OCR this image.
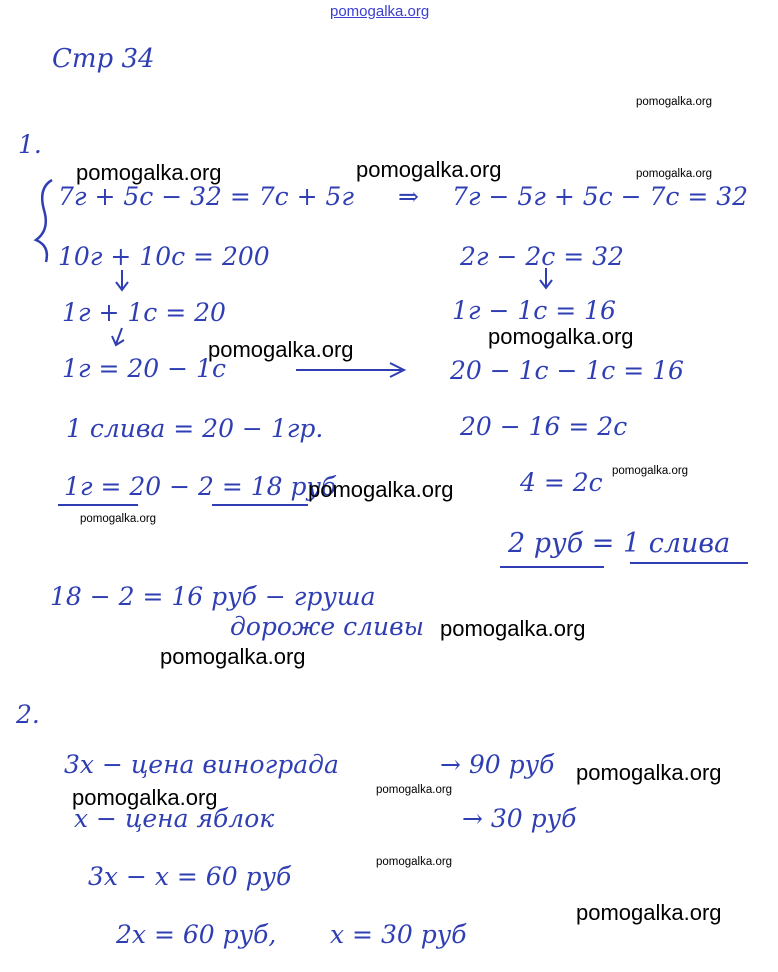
pomogalka.org
Стр 34
1.
7г + 5с − 32 = 7с + 5г ⇒ 7г − 5г + 5с − 7с = 32
10г + 10с = 200	2г − 2с = 32
1г + 1с = 20	1г − 1с = 16
1г = 20 − 1с	20 − 1с − 1с = 16
1 слива = 20 − 1гр.	20 − 16 = 2с
1г = 20 − 2 = 18 руб	4 = 2с
2 руб = 1 слива
18 − 2 = 16 руб − груша
дороже сливы
2.
3х − цена винограда	→ 90 руб
х − цена яблок	→ 30 руб
3х − х = 60 руб
2х = 60 руб, х = 30 руб
pomogalka.org
pomogalka.org	pomogalka.org	pomogalka.org
pomogalka.org
pomogalka.org
pomogalka.org
pomogalka.org
pomogalka.org
pomogalka.org
pomogalka.org
pomogalka.org
pomogalka.org
pomogalka.org
pomogalka.org
pomogalka.org
